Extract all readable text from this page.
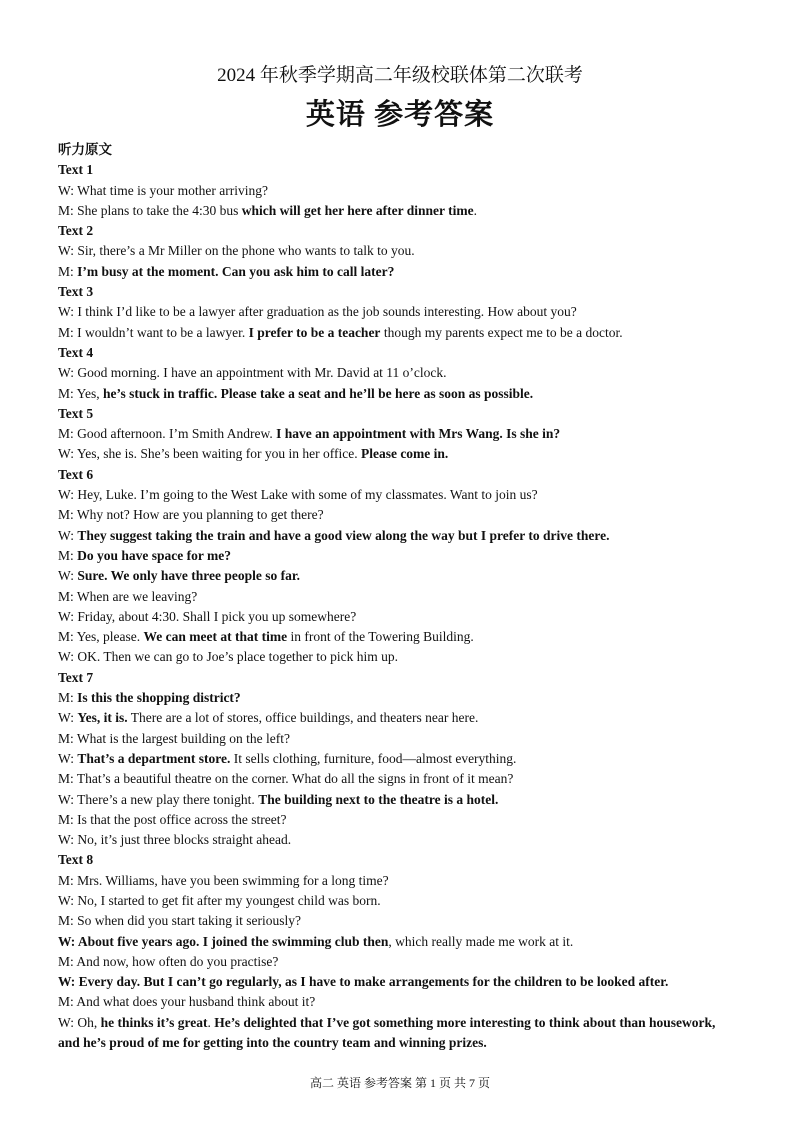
2024 年秋季学期高二年级校联体第二次联考
英语 参考答案
听力原文
Text 1
W: What time is your mother arriving?
M: She plans to take the 4:30 bus which will get her here after dinner time.
Text 2
W: Sir, there’s a Mr Miller on the phone who wants to talk to you.
M: I’m busy at the moment. Can you ask him to call later?
Text 3
W: I think I’d like to be a lawyer after graduation as the job sounds interesting. How about you?
M: I wouldn’t want to be a lawyer. I prefer to be a teacher though my parents expect me to be a doctor.
Text 4
W: Good morning. I have an appointment with Mr. David at 11 o’clock.
M: Yes, he’s stuck in traffic. Please take a seat and he’ll be here as soon as possible.
Text 5
M: Good afternoon. I’m Smith Andrew. I have an appointment with Mrs Wang. Is she in?
W: Yes, she is. She’s been waiting for you in her office. Please come in.
Text 6
W: Hey, Luke. I’m going to the West Lake with some of my classmates. Want to join us?
M: Why not? How are you planning to get there?
W: They suggest taking the train and have a good view along the way but I prefer to drive there.
M: Do you have space for me?
W: Sure. We only have three people so far.
M: When are we leaving?
W: Friday, about 4:30. Shall I pick you up somewhere?
M: Yes, please. We can meet at that time in front of the Towering Building.
W: OK. Then we can go to Joe’s place together to pick him up.
Text 7
M: Is this the shopping district?
W: Yes, it is. There are a lot of stores, office buildings, and theaters near here.
M: What is the largest building on the left?
W: That’s a department store. It sells clothing, furniture, food—almost everything.
M: That’s a beautiful theatre on the corner. What do all the signs in front of it mean?
W: There’s a new play there tonight. The building next to the theatre is a hotel.
M: Is that the post office across the street?
W: No, it’s just three blocks straight ahead.
Text 8
M: Mrs. Williams, have you been swimming for a long time?
W: No, I started to get fit after my youngest child was born.
M: So when did you start taking it seriously?
W: About five years ago. I joined the swimming club then, which really made me work at it.
M: And now, how often do you practise?
W: Every day. But I can’t go regularly, as I have to make arrangements for the children to be looked after.
M: And what does your husband think about it?
W: Oh, he thinks it’s great. He’s delighted that I’ve got something more interesting to think about than housework,
and he’s proud of me for getting into the country team and winning prizes.
高二 英语 参考答案 第 1 页 共 7 页
